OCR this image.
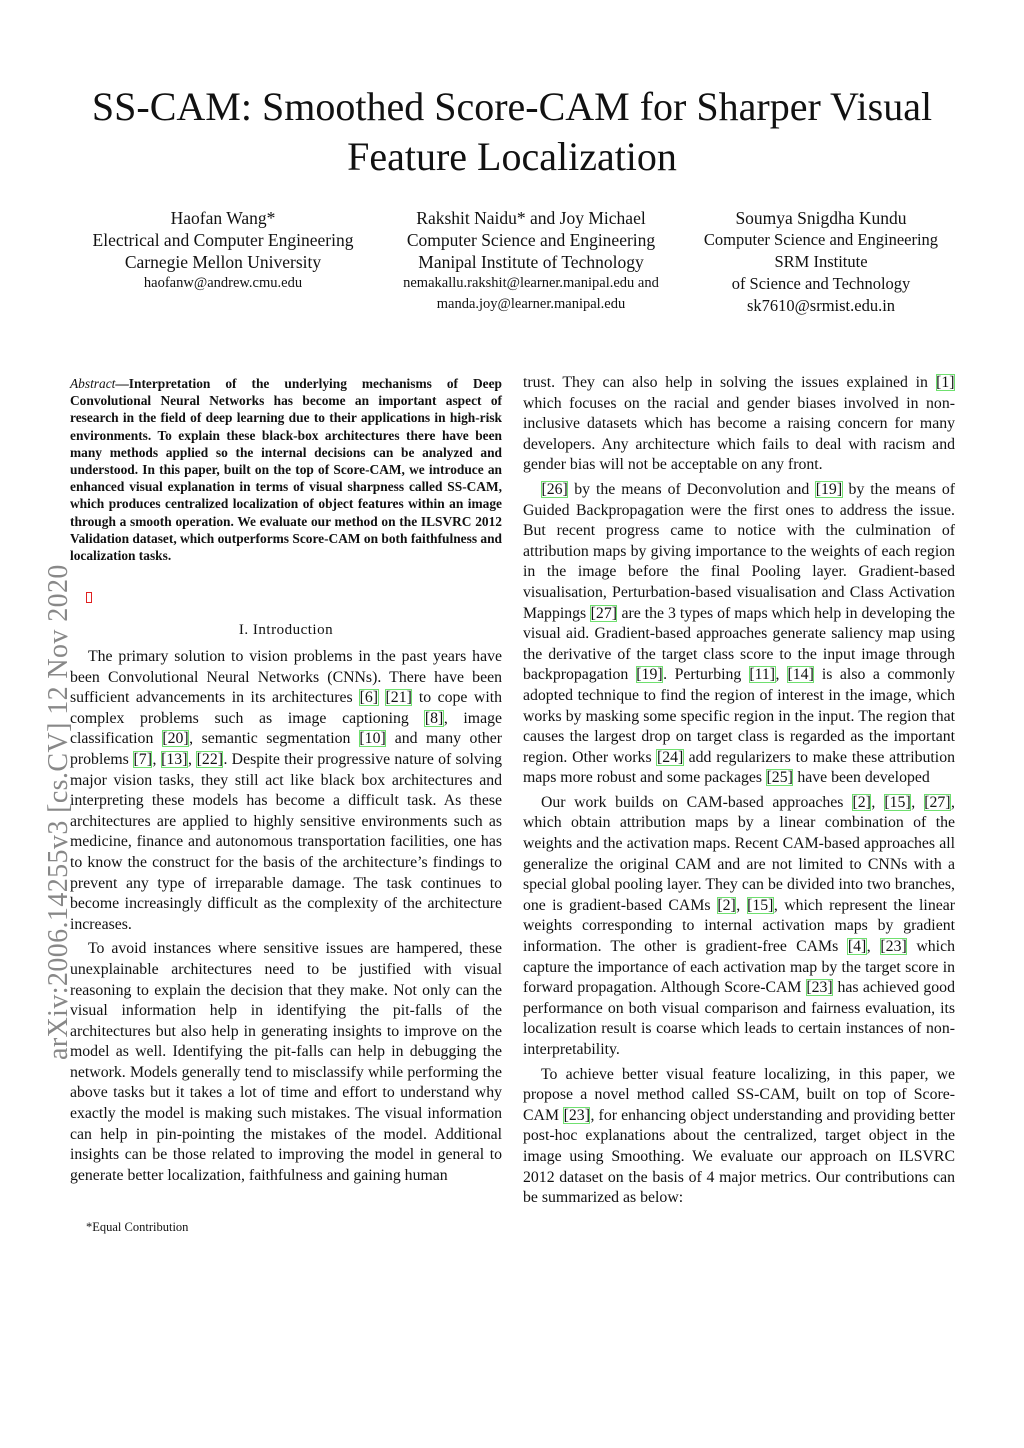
SS-CAM: Smoothed Score-CAM for Sharper Visual Feature Localization
Haofan Wang*
Electrical and Computer Engineering
Carnegie Mellon University
haofanw@andrew.cmu.edu
Rakshit Naidu* and Joy Michael
Computer Science and Engineering
Manipal Institute of Technology
nemakallu.rakshit@learner.manipal.edu and
manda.joy@learner.manipal.edu
Soumya Snigdha Kundu
Computer Science and Engineering
SRM Institute
of Science and Technology
sk7610@srmist.edu.in
arXiv:2006.14255v3 [cs.CV] 12 Nov 2020
Abstract—Interpretation of the underlying mechanisms of Deep Convolutional Neural Networks has become an important aspect of research in the field of deep learning due to their applications in high-risk environments. To explain these black-box architectures there have been many methods applied so the internal decisions can be analyzed and understood. In this paper, built on the top of Score-CAM, we introduce an enhanced visual explanation in terms of visual sharpness called SS-CAM, which produces centralized localization of object features within an image through a smooth operation. We evaluate our method on the ILSVRC 2012 Validation dataset, which outperforms Score-CAM on both faithfulness and localization tasks.
I. Introduction

The primary solution to vision problems in the past years have been Convolutional Neural Networks (CNNs). There have been sufficient advancements in its architectures [6] [21] to cope with complex problems such as image captioning [8], image classification [20], semantic segmentation [10] and many other problems [7], [13], [22]. Despite their progressive nature of solving major vision tasks, they still act like black box architectures and interpreting these models has become a difficult task. As these architectures are applied to highly sensitive environments such as medicine, finance and autonomous transportation facilities, one has to know the construct for the basis of the architecture’s findings to prevent any type of irreparable damage. The task continues to become increasingly difficult as the complexity of the architecture increases.

To avoid instances where sensitive issues are hampered, these unexplainable architectures need to be justified with visual reasoning to explain the decision that they make. Not only can the visual information help in identifying the pit-falls of the architectures but also help in generating insights to improve on the model as well. Identifying the pit-falls can help in debugging the network. Models generally tend to misclassify while performing the above tasks but it takes a lot of time and effort to understand why exactly the model is making such mistakes. The visual information can help in pin-pointing the mistakes of the model. Additional insights can be those related to improving the model in general to generate better localization, faithfulness and gaining human

trust. They can also help in solving the issues explained in [1] which focuses on the racial and gender biases involved in non-inclusive datasets which has become a raising concern for many developers. Any architecture which fails to deal with racism and gender bias will not be acceptable on any front.

[26] by the means of Deconvolution and [19] by the means of Guided Backpropagation were the first ones to address the issue. But recent progress came to notice with the culmination of attribution maps by giving importance to the weights of each region in the image before the final Pooling layer. Gradient-based visualisation, Perturbation-based visualisation and Class Activation Mappings [27] are the 3 types of maps which help in developing the visual aid. Gradient-based approaches generate saliency map using the derivative of the target class score to the input image through backpropagation [19]. Perturbing [11], [14] is also a commonly adopted technique to find the region of interest in the image, which works by masking some specific region in the input. The region that causes the largest drop on target class is regarded as the important region. Other works [24] add regularizers to make these attribution maps more robust and some packages [25] have been developed

Our work builds on CAM-based approaches [2], [15], [27], which obtain attribution maps by a linear combination of the weights and the activation maps. Recent CAM-based approaches all generalize the original CAM and are not limited to CNNs with a special global pooling layer. They can be divided into two branches, one is gradient-based CAMs [2], [15], which represent the linear weights corresponding to internal activation maps by gradient information. The other is gradient-free CAMs [4], [23] which capture the importance of each activation map by the target score in forward propagation. Although Score-CAM [23] has achieved good performance on both visual comparison and fairness evaluation, its localization result is coarse which leads to certain instances of non-interpretability.

To achieve better visual feature localizing, in this paper, we propose a novel method called SS-CAM, built on top of Score-CAM [23], for enhancing object understanding and providing better post-hoc explanations about the centralized, target object in the image using Smoothing. We evaluate our approach on ILSVRC 2012 dataset on the basis of 4 major metrics. Our contributions can be summarized as below:

*Equal Contribution
